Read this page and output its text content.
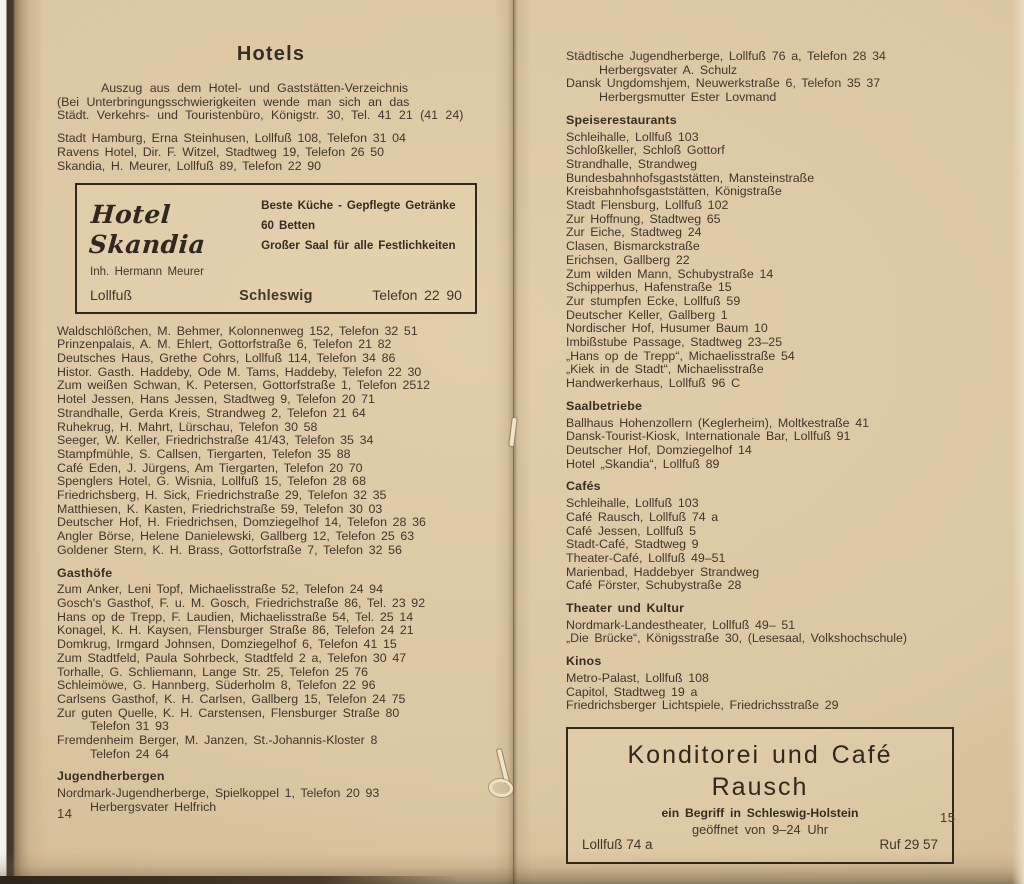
Hotels
Auszug aus dem Hotel- und Gaststätten-Verzeichnis
(Bei Unterbringungsschwierigkeiten wende man sich an das
Städt. Verkehrs- und Touristenbüro, Königstr. 30, Tel. 41 21 (41 24)
Stadt Hamburg, Erna Steinhusen, Lollfuß 108, Telefon 31 04
Ravens Hotel, Dir. F. Witzel, Stadtweg 19, Telefon 26 50
Skandia, H. Meurer, Lollfuß 89, Telefon 22 90
Hotel Skandia
Inh. Hermann Meurer
Beste Küche - Gepflegte Getränke
60 Betten
Großer Saal für alle Festlichkeiten
Lollfuß	Schleswig	Telefon 22 90
Waldschlößchen, M. Behmer, Kolonnenweg 152, Telefon 32 51
Prinzenpalais, A. M. Ehlert, Gottorfstraße 6, Telefon 21 82
Deutsches Haus, Grethe Cohrs, Lollfuß 114, Telefon 34 86
Histor. Gasth. Haddeby, Ode M. Tams, Haddeby, Telefon 22 30
Zum weißen Schwan, K. Petersen, Gottorfstraße 1, Telefon 2512
Hotel Jessen, Hans Jessen, Stadtweg 9, Telefon 20 71
Strandhalle, Gerda Kreis, Strandweg 2, Telefon 21 64
Ruhekrug, H. Mahrt, Lürschau, Telefon 30 58
Seeger, W. Keller, Friedrichstraße 41/43, Telefon 35 34
Stampfmühle, S. Callsen, Tiergarten, Telefon 35 88
Café Eden, J. Jürgens, Am Tiergarten, Telefon 20 70
Spenglers Hotel, G. Wisnia, Lollfuß 15, Telefon 28 68
Friedrichsberg, H. Sick, Friedrichstraße 29, Telefon 32 35
Matthiesen, K. Kasten, Friedrichstraße 59, Telefon 30 03
Deutscher Hof, H. Friedrichsen, Domziegelhof 14, Telefon 28 36
Angler Börse, Helene Danielewski, Gallberg 12, Telefon 25 63
Goldener Stern, K. H. Brass, Gottorfstraße 7, Telefon 32 56
Gasthöfe
Zum Anker, Leni Topf, Michaelisstraße 52, Telefon 24 94
Gosch's Gasthof, F. u. M. Gosch, Friedrichstraße 86, Tel. 23 92
Hans op de Trepp, F. Laudien, Michaelisstraße 54, Tel. 25 14
Konagel, K. H. Kaysen, Flensburger Straße 86, Telefon 24 21
Domkrug, Irmgard Johnsen, Domziegelhof 6, Telefon 41 15
Zum Stadtfeld, Paula Sohrbeck, Stadtfeld 2 a, Telefon 30 47
Torhalle, G. Schliemann, Lange Str. 25, Telefon 25 76
Schleimöwe, G. Hannberg, Süderholm 8, Telefon 22 96
Carlsens Gasthof, K. H. Carlsen, Gallberg 15, Telefon 24 75
Zur guten Quelle, K. H. Carstensen, Flensburger Straße 80
Telefon 31 93
Fremdenheim Berger, M. Janzen, St.-Johannis-Kloster 8
Telefon 24 64
Jugendherbergen
Nordmark-Jugendherberge, Spielkoppel 1, Telefon 20 93
Herbergsvater Helfrich
14
Städtische Jugendherberge, Lollfuß 76 a, Telefon 28 34
Herbergsvater A. Schulz
Dansk Ungdomshjem, Neuwerkstraße 6, Telefon 35 37
Herbergsmutter Ester Lovmand
Speiserestaurants
Schleihalle, Lollfuß 103
Schloßkeller, Schloß Gottorf
Strandhalle, Strandweg
Bundesbahnhofsgaststätten, Mansteinstraße
Kreisbahnhofsgaststätten, Königstraße
Stadt Flensburg, Lollfuß 102
Zur Hoffnung, Stadtweg 65
Zur Eiche, Stadtweg 24
Clasen, Bismarckstraße
Erichsen, Gallberg 22
Zum wilden Mann, Schubystraße 14
Schipperhus, Hafenstraße 15
Zur stumpfen Ecke, Lollfuß 59
Deutscher Keller, Gallberg 1
Nordischer Hof, Husumer Baum 10
Imbißstube Passage, Stadtweg 23–25
„Hans op de Trepp“, Michaelisstraße 54
„Kiek in de Stadt“, Michaelisstraße
Handwerkerhaus, Lollfuß 96 C
Saalbetriebe
Ballhaus Hohenzollern (Keglerheim), Moltkestraße 41
Dansk-Tourist-Kiosk, Internationale Bar, Lollfuß 91
Deutscher Hof, Domziegelhof 14
Hotel „Skandia“, Lollfuß 89
Cafés
Schleihalle, Lollfuß 103
Café Rausch, Lollfuß 74 a
Café Jessen, Lollfuß 5
Stadt-Café, Stadtweg 9
Theater-Café, Lollfuß 49–51
Marienbad, Haddebyer Strandweg
Café Förster, Schubystraße 28
Theater und Kultur
Nordmark-Landestheater, Lollfuß 49– 51
„Die Brücke“, Königsstraße 30, (Lesesaal, Volkshochschule)
Kinos
Metro-Palast, Lollfuß 108
Capitol, Stadtweg 19 a
Friedrichsberger Lichtspiele, Friedrichsstraße 29
Konditorei und Café Rausch
ein Begriff in Schleswig-Holstein
geöffnet von 9–24 Uhr
Lollfuß 74 a	Ruf 29 57
15
